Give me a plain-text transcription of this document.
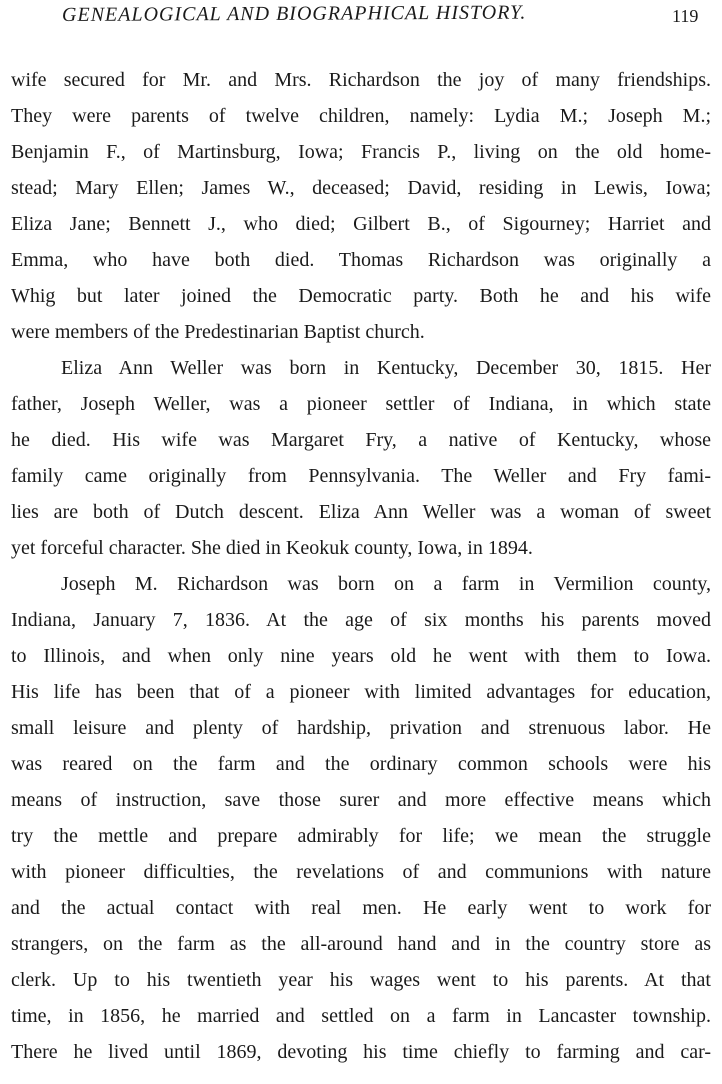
GENEALOGICAL AND BIOGRAPHICAL HISTORY.	119
wife secured for Mr. and Mrs. Richardson the joy of many friendships.
They were parents of twelve children, namely: Lydia M.; Joseph M.;
Benjamin F., of Martinsburg, Iowa; Francis P., living on the old home-
stead; Mary Ellen; James W., deceased; David, residing in Lewis, Iowa;
Eliza Jane; Bennett J., who died; Gilbert B., of Sigourney; Harriet and
Emma, who have both died. Thomas Richardson was originally a
Whig but later joined the Democratic party. Both he and his wife
were members of the Predestinarian Baptist church.
Eliza Ann Weller was born in Kentucky, December 30, 1815. Her
father, Joseph Weller, was a pioneer settler of Indiana, in which state
he died. His wife was Margaret Fry, a native of Kentucky, whose
family came originally from Pennsylvania. The Weller and Fry fami-
lies are both of Dutch descent. Eliza Ann Weller was a woman of sweet
yet forceful character. She died in Keokuk county, Iowa, in 1894.
Joseph M. Richardson was born on a farm in Vermilion county,
Indiana, January 7, 1836. At the age of six months his parents moved
to Illinois, and when only nine years old he went with them to Iowa.
His life has been that of a pioneer with limited advantages for education,
small leisure and plenty of hardship, privation and strenuous labor. He
was reared on the farm and the ordinary common schools were his
means of instruction, save those surer and more effective means which
try the mettle and prepare admirably for life; we mean the struggle
with pioneer difficulties, the revelations of and communions with nature
and the actual contact with real men. He early went to work for
strangers, on the farm as the all-around hand and in the country store as
clerk. Up to his twentieth year his wages went to his parents. At that
time, in 1856, he married and settled on a farm in Lancaster township.
There he lived until 1869, devoting his time chiefly to farming and car-
